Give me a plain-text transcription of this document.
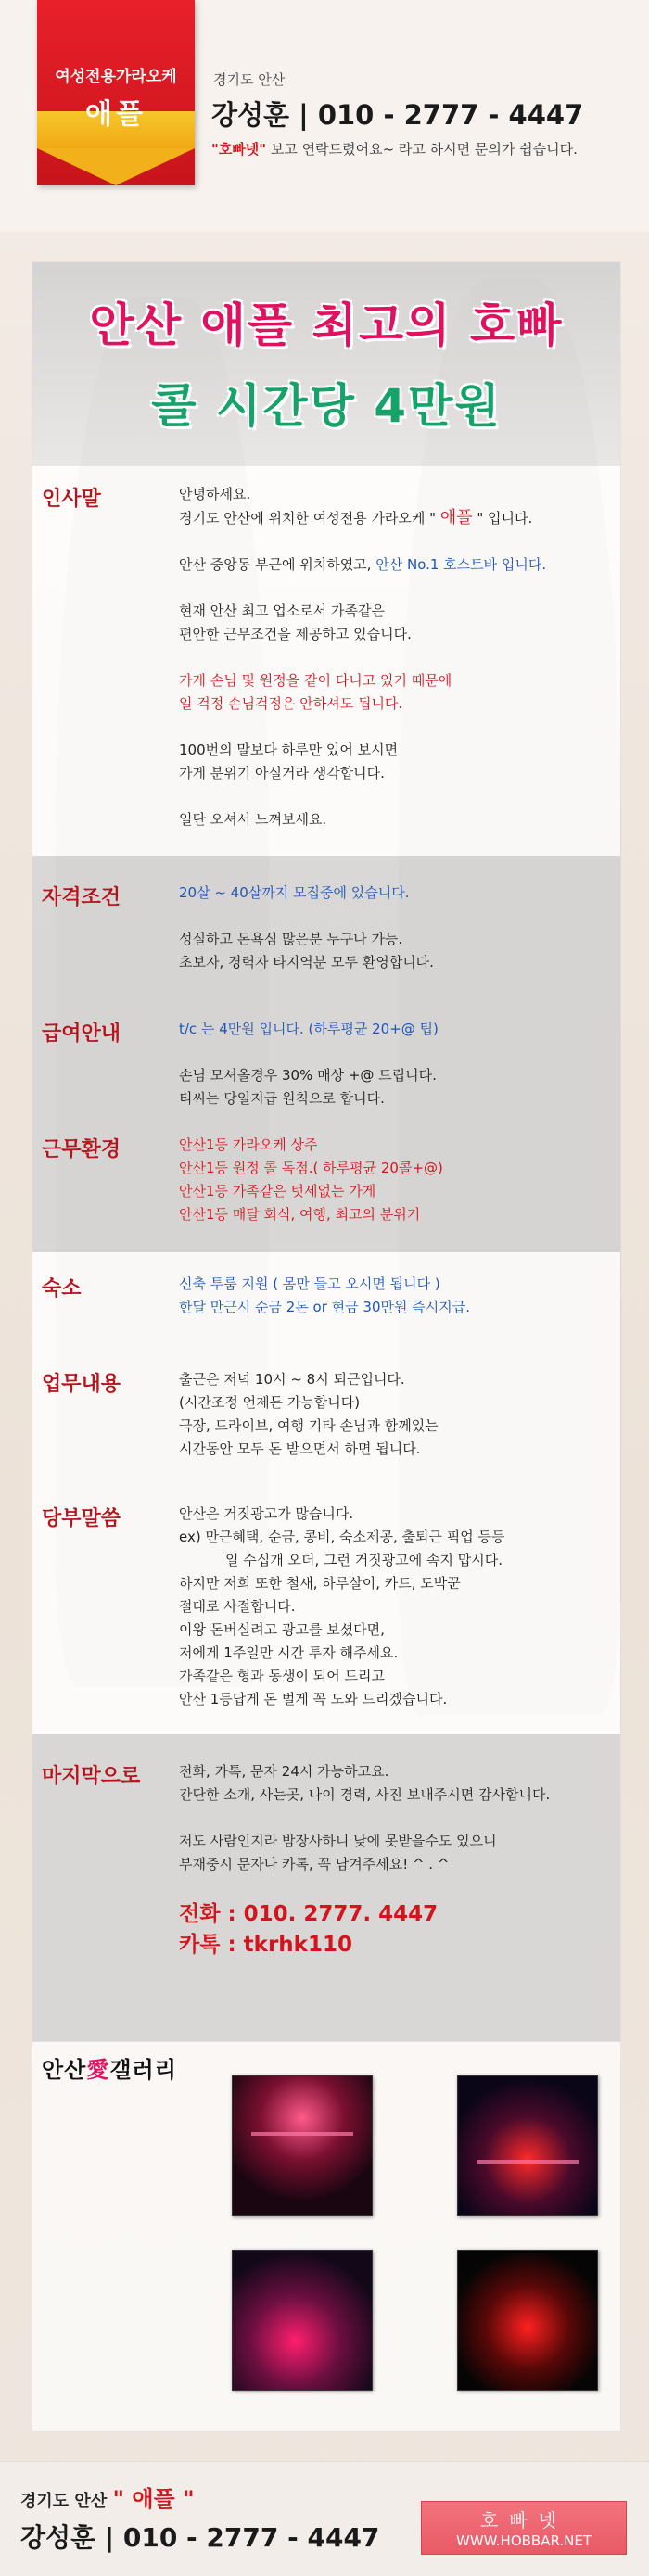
여성전용가라오케
애플
경기도 안산
강성훈 | 010 - 2777 - 4447
"호빠넷" 보고 연락드렸어요~ 라고 하시면 문의가 쉽습니다.
안산 애플 최고의 호빠
콜 시간당 4만원
인사말	안녕하세요.

경기도 안산에 위치한 여성전용 가라오케 " 애플 " 입니다.

안산 중앙동 부근에 위치하였고, 안산 No.1 호스트바 입니다.

현재 안산 최고 업소로서 가족같은

편안한 근무조건을 제공하고 있습니다.

가게 손님 및 원정을 같이 다니고 있기 때문에

일 걱정 손님걱정은 안하셔도 됩니다.

100번의 말보다 하루만 있어 보시면

가게 분위기 아실거라 생각합니다.

일단 오셔서 느껴보세요.

자격조건	20살 ~ 40살까지 모집중에 있습니다.

성실하고 돈욕심 많은분 누구나 가능.

초보자, 경력자 타지역분 모두 환영합니다.

급여안내	t/c 는 4만원 입니다. (하루평균 20+@ 팁)

손님 모셔올경우 30% 매상 +@ 드립니다.

티씨는 당일지급 원칙으로 합니다.

근무환경	안산1등 가라오케 상주

안산1등 원정 콜 독점.( 하루평균 20콜+@)

안산1등 가족같은 텃세없는 가게

안산1등 매달 회식, 여행, 최고의 분위기

숙소	신축 투룸 지원 ( 몸만 들고 오시면 됩니다 )

한달 만근시 순금 2돈 or 현금 30만원 즉시지급.

업무내용	출근은 저녁 10시 ~ 8시 퇴근입니다.

(시간조정 언제든 가능합니다)

극장, 드라이브, 여행 기타 손님과 함께있는

시간동안 모두 돈 받으면서 하면 됩니다.

당부말씀	안산은 거짓광고가 많습니다.

ex) 만근혜택, 순금, 콩비, 숙소제공, 출퇴근 픽업 등등

일 수십개 오더, 그런 거짓광고에 속지 맙시다.

하지만 저희 또한 철새, 하루살이, 카드, 도박꾼

절대로 사절합니다.

이왕 돈버실려고 광고를 보셨다면,

저에게 1주일만 시간 투자 해주세요.

가족같은 형과 동생이 되어 드리고

안산 1등답게 돈 벌게 꼭 도와 드리겠습니다.

마지막으로	전화, 카톡, 문자 24시 가능하고요.

간단한 소개, 사는곳, 나이 경력, 사진 보내주시면 감사합니다.

저도 사람인지라 밤장사하니 낮에 못받을수도 있으니

부재중시 문자나 카톡, 꼭 남겨주세요! ^ . ^

전화 : 010. 2777. 4447

카톡 : tkrhk110

안산愛갤러리
경기도 안산 " 애플 "
강성훈 | 010 - 2777 - 4447
호빠넷
WWW.HOBBAR.NET
